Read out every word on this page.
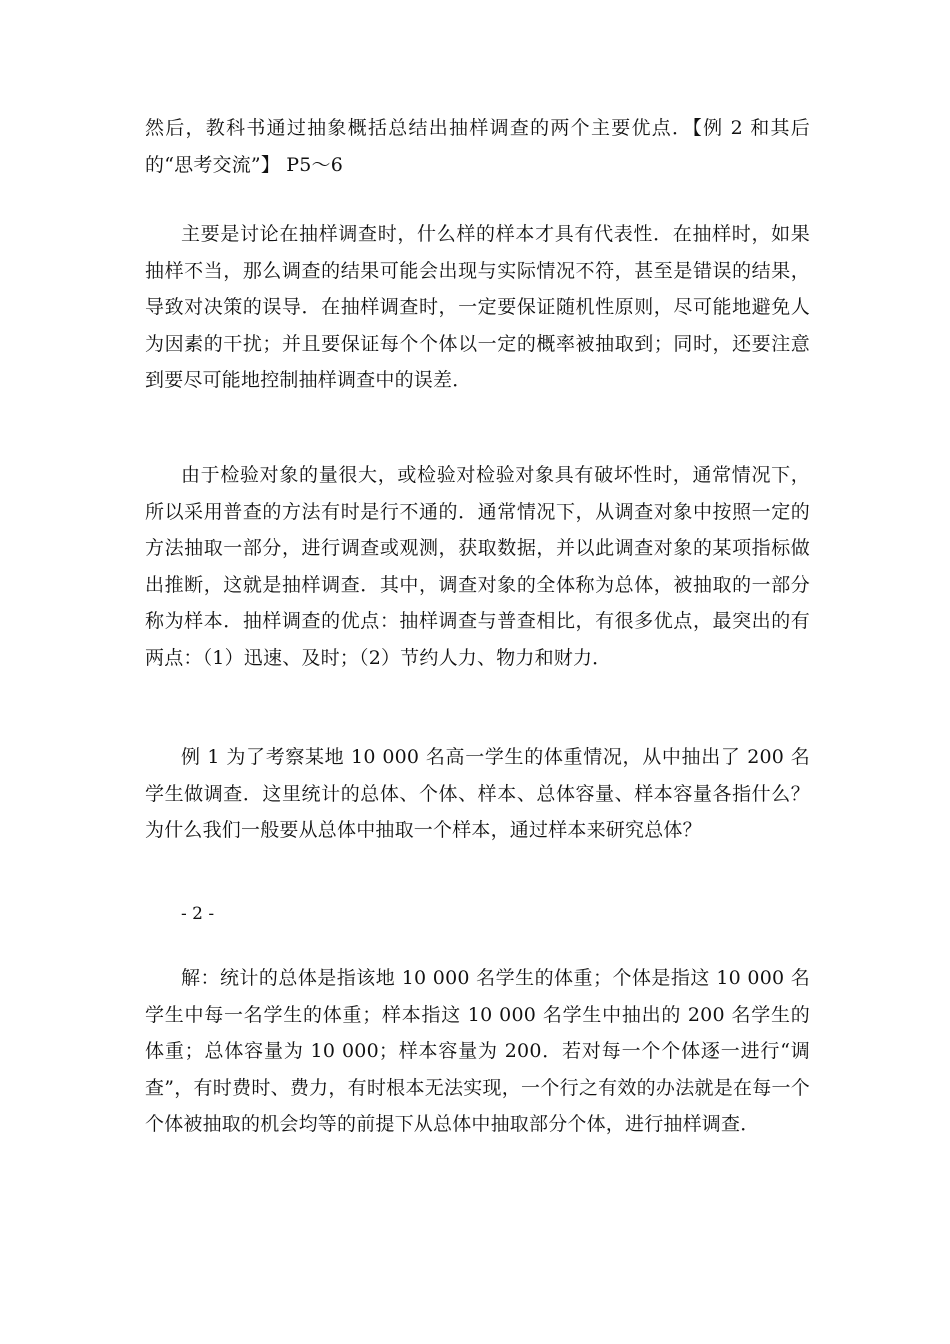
然后，教科书通过抽象概括总结出抽样调查的两个主要优点．【例 2 和其后的“思考交流”】 P5～6

主要是讨论在抽样调查时，什么样的样本才具有代表性．在抽样时，如果抽样不当，那么调查的结果可能会出现与实际情况不符，甚至是错误的结果，导致对决策的误导．在抽样调查时，一定要保证随机性原则，尽可能地避免人为因素的干扰；并且要保证每个个体以一定的概率被抽取到；同时，还要注意到要尽可能地控制抽样调查中的误差．

由于检验对象的量很大，或检验对检验对象具有破坏性时，通常情况下，所以采用普查的方法有时是行不通的．通常情况下，从调查对象中按照一定的方法抽取一部分，进行调查或观测，获取数据，并以此调查对象的某项指标做出推断，这就是抽样调查．其中，调查对象的全体称为总体，被抽取的一部分称为样本．抽样调查的优点：抽样调查与普查相比，有很多优点，最突出的有两点：（1）迅速、及时；（2）节约人力、物力和财力．

例 1 为了考察某地 10 000 名高一学生的体重情况，从中抽出了 200 名学生做调查．这里统计的总体、个体、样本、总体容量、样本容量各指什么？为什么我们一般要从总体中抽取一个样本，通过样本来研究总体？

- 2 -

解：统计的总体是指该地 10 000 名学生的体重；个体是指这 10 000 名学生中每一名学生的体重；样本指这 10 000 名学生中抽出的 200 名学生的体重；总体容量为 10 000；样本容量为 200．若对每一个个体逐一进行“调查”，有时费时、费力，有时根本无法实现，一个行之有效的办法就是在每一个个体被抽取的机会均等的前提下从总体中抽取部分个体，进行抽样调查．
